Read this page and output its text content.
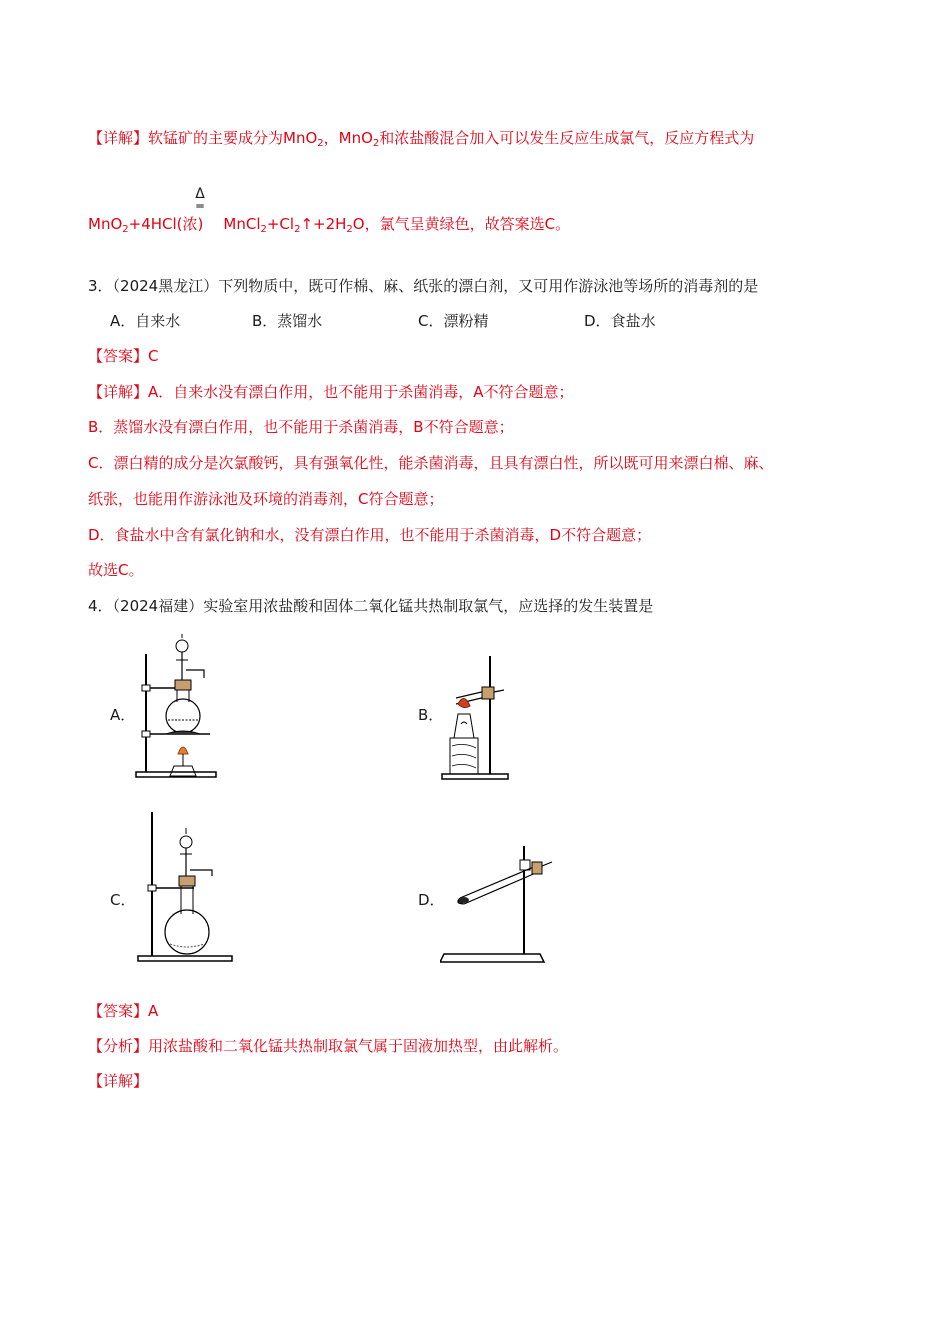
【详解】软锰矿的主要成分为MnO$_2$，MnO$_2$和浓盐酸混合加入可以发生反应生成氯气，反应方程式为
Δ
═
MnO$_2$+4HCl(浓) $MnCl_2+Cl_2↑+2H_2O$，氯气呈黄绿色，故答案选C。
3．（2024黑龙江）下列物质中，既可作棉、麻、纸张的漂白剂，又可用作游泳池等场所的消毒剂的是
A．自来水	B．蒸馏水	C．漂粉精	D．食盐水
【答案】C
【详解】A．自来水没有漂白作用，也不能用于杀菌消毒，A不符合题意；
B．蒸馏水没有漂白作用，也不能用于杀菌消毒，B不符合题意；
C．漂白精的成分是次氯酸钙，具有强氧化性，能杀菌消毒，且具有漂白性，所以既可用来漂白棉、麻、
纸张，也能用作游泳池及环境的消毒剂，C符合题意；
D．食盐水中含有氯化钠和水，没有漂白作用，也不能用于杀菌消毒，D不符合题意；
故选C。
4．（2024福建）实验室用浓盐酸和固体二氧化锰共热制取氯气，应选择的发生装置是
A．	B．
C．	D．
【答案】A
【分析】用浓盐酸和二氧化锰共热制取氯气属于固液加热型，由此解析。
【详解】
